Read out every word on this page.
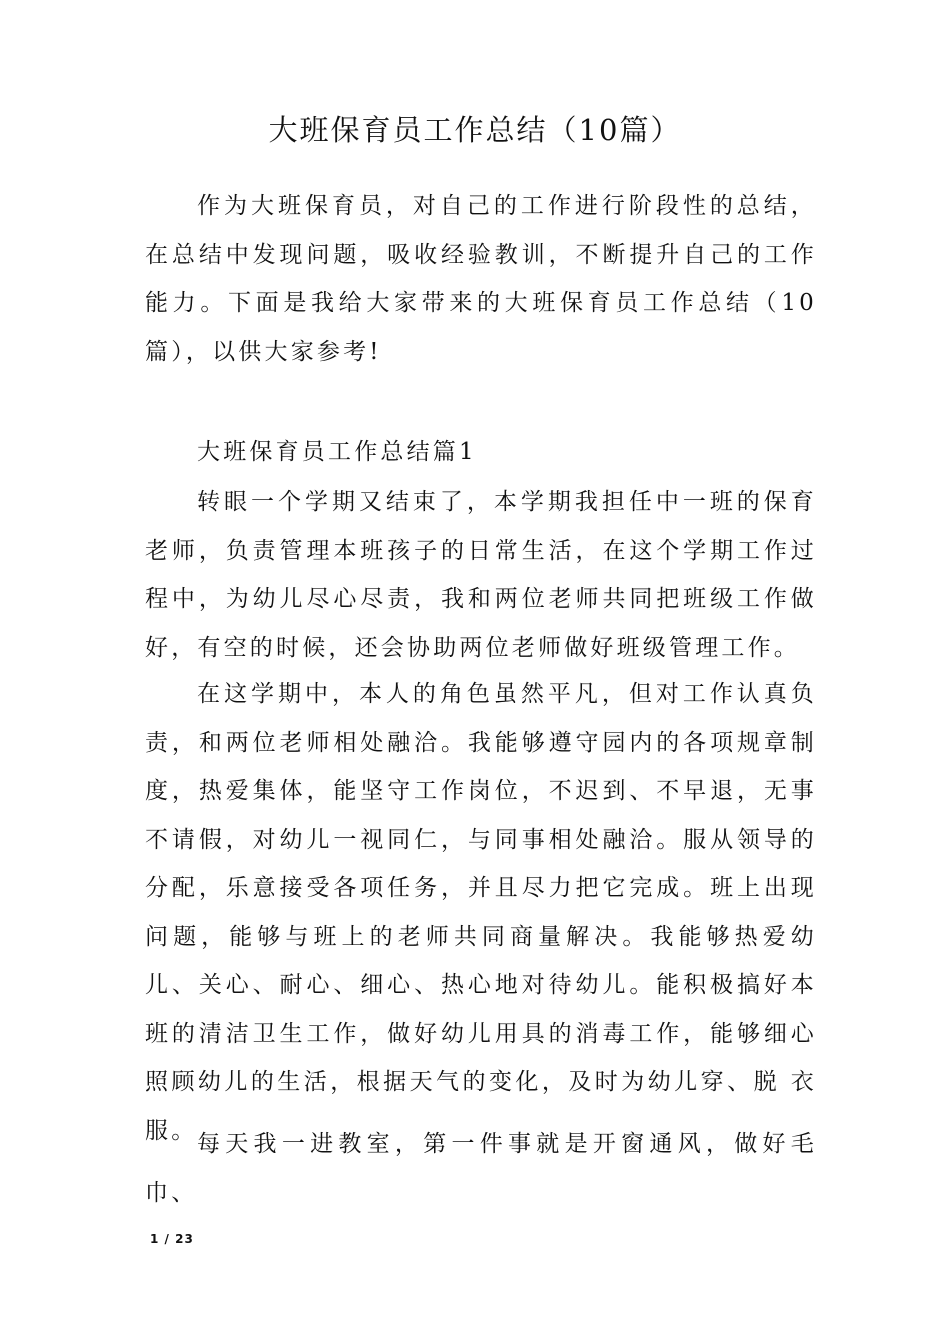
大班保育员工作总结（10篇）

作为大班保育员，对自己的工作进行阶段性的总结，在总结中发现问题，吸收经验教训，不断提升自己的工作能力。下面是我给大家带来的大班保育员工作总结（10 篇），以供大家参考!

大班保育员工作总结篇1

转眼一个学期又结束了，本学期我担任中一班的保育老师，负责管理本班孩子的日常生活，在这个学期工作过程中，为幼儿尽心尽责，我和两位老师共同把班级工作做好，有空的时候，还会协助两位老师做好班级管理工作。

在这学期中，本人的角色虽然平凡，但对工作认真负责，和两位老师相处融洽。我能够遵守园内的各项规章制度，热爱集体，能坚守工作岗位，不迟到、不早退，无事不请假，对幼儿一视同仁，与同事相处融洽。服从领导的分配，乐意接受各项任务，并且尽力把它完成。班上出现问题，能够与班上的老师共同商量解决。我能够热爱幼儿、关心、耐心、细心、热心地对待幼儿。能积极搞好本班的清洁卫生工作，做好幼儿用具的消毒工作，能够细心照顾幼儿的生活，根据天气的变化，及时为幼儿穿、脱 衣服。

每天我一进教室，第一件事就是开窗通风，做好毛巾、

1 / 23
